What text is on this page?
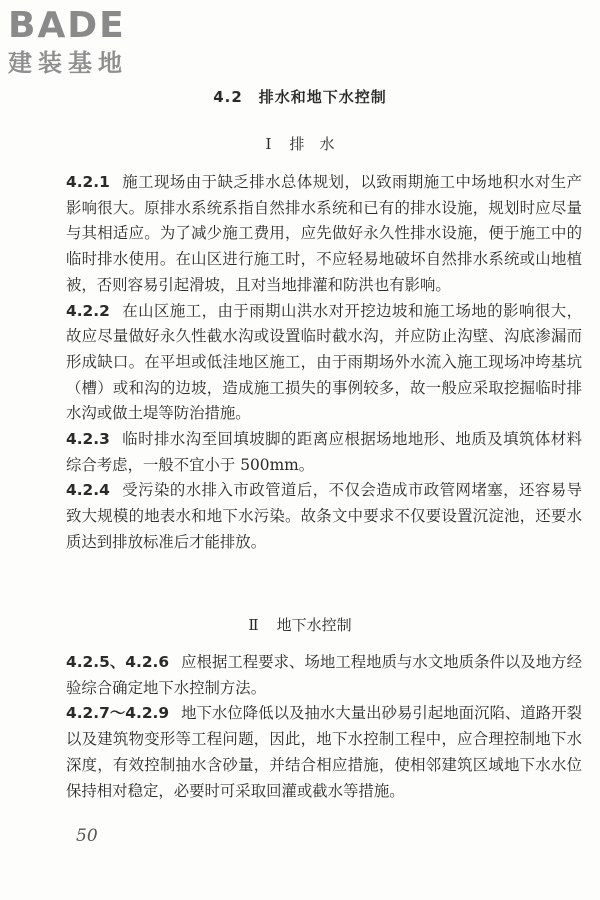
BADE
建装基地
4.2　排水和地下水控制
Ⅰ 排　水

4.2.1 施工现场由于缺乏排水总体规划，以致雨期施工中场地积水对生产影响很大。原排水系统系指自然排水系统和已有的排水设施，规划时应尽量与其相适应。为了减少施工费用，应先做好永久性排水设施，便于施工中的临时排水使用。在山区进行施工时，不应轻易地破坏自然排水系统或山地植被，否则容易引起滑坡，且对当地排灌和防洪也有影响。

4.2.2 在山区施工，由于雨期山洪水对开挖边坡和施工场地的影响很大，故应尽量做好永久性截水沟或设置临时截水沟，并应防止沟壁、沟底渗漏而形成缺口。在平坦或低洼地区施工，由于雨期场外水流入施工现场冲垮基坑（槽）或和沟的边坡，造成施工损失的事例较多，故一般应采取挖掘临时排水沟或做土堤等防治措施。

4.2.3 临时排水沟至回填坡脚的距离应根据场地地形、地质及填筑体材料综合考虑，一般不宜小于 500mm。

4.2.4 受污染的水排入市政管道后，不仅会造成市政管网堵塞，还容易导致大规模的地表水和地下水污染。故条文中要求不仅要设置沉淀池，还要水质达到排放标准后才能排放。

Ⅱ 地下水控制

4.2.5、4.2.6 应根据工程要求、场地工程地质与水文地质条件以及地方经验综合确定地下水控制方法。

4.2.7～4.2.9 地下水位降低以及抽水大量出砂易引起地面沉陷、道路开裂以及建筑物变形等工程问题，因此，地下水控制工程中，应合理控制地下水深度，有效控制抽水含砂量，并结合相应措施，使相邻建筑区域地下水水位保持相对稳定，必要时可采取回灌或截水等措施。

50
